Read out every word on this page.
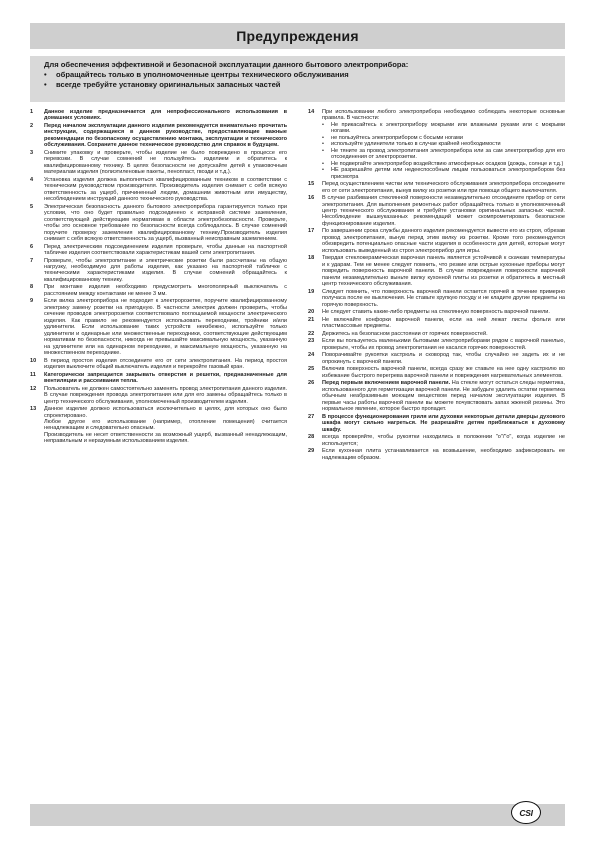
Предупреждения
Для обеспечения эффективной и безопасной эксплуатации данного бытового электроприбора:
•	обращайтесь только в уполномоченные центры технического обслуживания
•	всегде требуйте установку оригинальных запасных частей
1	Данное изделие предназначается для непрофессионального использования в домашних условиях.

2	Перед началом эксплуатации данного изделия рекомендуется внимательно прочитать инструкции, содержащиеся в данном руководстве, предоставляющие важные рекомендации по безопасному осуществлению монтажа, эксплуатации и технического обслуживания. Сохраните данное техническое руководство для справок в будущем.

3	Снимите упаковку и проверьте, чтобы изделие не было повреждено в процессе его перевозки. В случае сомнений не пользуйтесь изделием и обратитесь к квалифицированному технику. В целях безопасности не допускайте детей к упаковочным материалам изделия (полиэтиленовые пакеты, пенопласт, гвозди и т.д.).

4	Установка изделия должна выполняться квалифицированным техником в соответствии с техническим руководством производителя. Производитель изделия снимает с себя всякую ответственность за ущерб, причиненный людям, домашним животным или имуществу, несоблюдением инструкций данного технического руководства.

5	Электрическая безопасность данного бытового электроприбора гарантируется только при условии, что оно будет правильно подсоединено к исправной системе заземления, соответствующей действующим нормативам в области электробезопасности. Проверьте, чтобы это основное требование по безопасности всегда соблюдалось. В случае сомнений поручите проверку заземления квалифицированному технику.Производитель изделия снимает с себя всякую ответственность за ущерб, вызванный неисправным заземлением.

6	Перед электрическим подсоединением изделия проверьте, чтобы данные на паспортной табличке изделия соответствовали характеристикам вашей сети электропитания.

7	Проверьте, чтобы электропитание и электрические розетки были рассчитаны на общую нагрузку, необходимую для работы изделия, как указано на паспортной табличке с техническими характеристиками изделия. В случае сомнений обращайтесь к квалифицированному технику.

8	При монтаже изделия необходимо предусмотреть многополярный выключатель с расстоянием между контактами не менее 3 мм.

9	Если вилка электроприбора не подходит к электророзетке, поручите квалифицированному электрику замену розетки на пригодную. В частности электрик должен проверить, чтобы сечение проводов электророзетки соответствовало поглощаемой мощности электрического изделия. Как правило не рекомендуется использовать переходники, тройники и/или удлинители. Если использование таких устройств неизбежно, используйте только удлинители и одинарные или множественные переходники, соответствующие действующим нормативам по безопасности, никогда не превышайте максимальную мощность, указанную на удлинителе или на одинарном переходнике, и максимальную мощность, указанную на множественном переходнике.

10	В период простоя изделия отсоедините его от сети электропитания. На период простоя изделия выключите общий выключатель изделия и перекройте газовый кран.

11	Категорически запрещается закрывать отверстия и решетки, предназначенные для вентиляции и рассеивания тепла.

12	Пользователь не должен самостоятельно заменять провод электропитания данного изделия. В случае повреждения провода электропитания или для его замены обращайтесь только в центр технического обслуживания, уполномоченный производителем изделия.

13	Данное изделие должно использоваться исключительно в целях, для которых оно было спроектировано.

Любое другое его использование (например, отопление помещения) считается ненадлежащим и следовательно опасным.

Производитель не несет ответственности за возможный ущерб, вызванный ненадлежащим, неправильным и неразумным использованием изделия.

14	При использовании любого электроприбора необходимо соблюдать некоторые основные правила. В частности:

•	Не прикасайтесь к электроприбору мокрыми или влажными руками или с мокрыми ногами.
•	не пользуйтесь электроприбором с босыми ногами
•	используйте удлинители только в случае крайней необходимости
•	Не тяните за провод электропитания электроприбора или за сам электроприбор для его отсоединения от электророзетки.
•	Не подвергайте электроприбор воздействию атмосферных осадков (дождь, солнце и т.д.)
•	НЕ разрешайте детям или недееспособным лицам пользоваться электроприбором без присмотра
15	Перед осуществлением чистки или технического обслуживания электроприбора отсоедините его от сети электропитания, вынув вилку из розетки или при помощи общего выключателя.

16	В случае разбивания стеклянной поверхности незамедлительно отсоедините прибор от сети электропитания. Для выполнения ремонтных работ обращайтесь только в уполномоченный центр технического обслуживания и требуйте установки оригинальных запасных частей. Несоблюдение вышеуказанных рекомендаций может скомпрометировать безопасное функционирование изделия.

17	По завершении срока службы данного изделия рекомендуется вывести его из строя, обрезав провод электропитания, вынув перед этим вилку из розетки. Кроме того рекомендуется обезвредить потенциально опасные части изделия в особенности для детей, которые могут использовать выведенный из строя электроприбор для игры.

18	Твердая стеклокерамическая варочная панель является устойчивой к скачкам температуры и к ударам. Тем не менее следует помнить, что резкие или острые кухонные приборы могут повредить поверхность варочной панели. В случае повреждения поверхности варочной панели незамедлительно выньте вилку кухонной плиты из розетки и обратитесь в местный центр технического обслуживания.

19	Следует помнить, что поверхность варочной панели остается горячей в течение примерно получаса после ее выключения. Не ставьте хрупкую посуду и не кладите другие предметы на горячую поверхность.

20	Не следует ставить какие-либо предметы на стеклянную поверхность варочной панели.

21	Не включайте конфорки варочной панели, если на ней лежат листы фольги или пластмассовые предметы.

22	Держитесь на безопасном расстоянии от горячих поверхностей.

23	Если вы пользуетесь маленькими бытовыми электроприборами рядом с варочной панелью, проверьте, чтобы их провод электропитания не касался горячих поверхностей.

24	Поворачивайте рукоятки кастрюль и сковород так, чтобы случайно не задеть их и не опрокинуть с варочной панели.

25	Включив поверхность варочной панели, всегда сразу же ставьте на нее одну кастрюлю во избежание быстрого перегрева варочной панели и повреждения нагревательных элементов.

26	Перед первым включением варочной панели. На стекле могут остаться следы герметика, использованного для герметизации варочной панели. Не забудьте удалить остатки герметика обычным неабразивным моющим веществом перед началом эксплуатации изделия. В первые часы работы варочной панели вы можете почувствовать запах жженой резины. Это нормальное явление, которое быстро пропадет.

27	В процессе функционирования гриля или духовки некоторые детали дверцы духового шкафа могут сильно нагреться. Не разрешайте детям приближаться к духовому шкафу.

28	всегда проверяйте, чтобы рукоятки находились в положении "о"/"о", когда изделие не используется;

29	Если кухонная плита устанавливается на возвышение, необходимо зафиксировать ее надлежащим образом.

CSI
